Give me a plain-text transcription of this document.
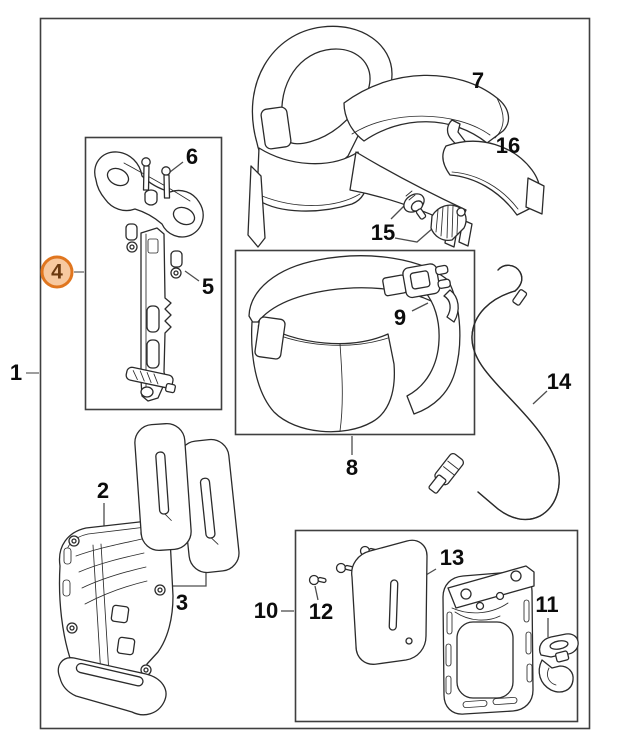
1
2
3
4
5
6
7
8
9
10	11
12
13
14
15
16
